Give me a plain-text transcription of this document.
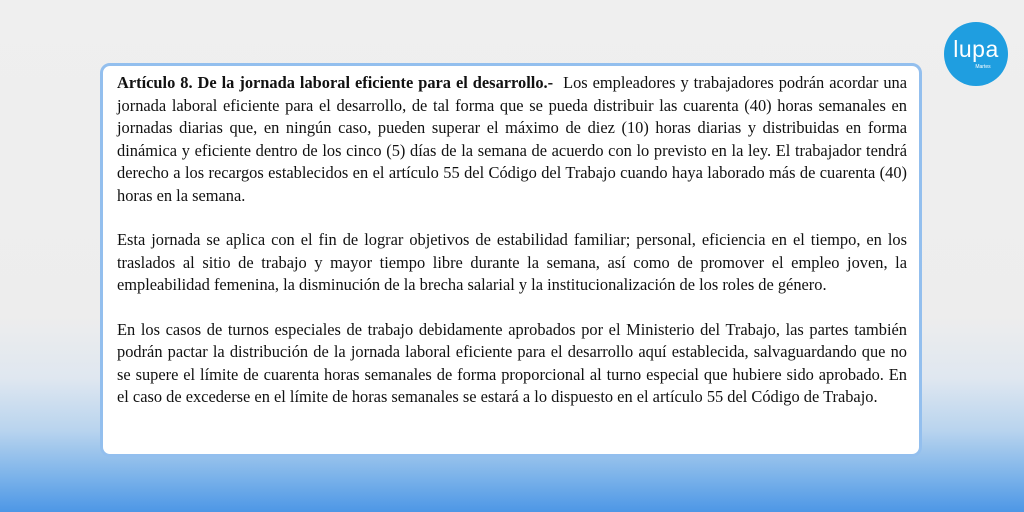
lupa
Martes

Artículo 8. De la jornada laboral eficiente para el desarrollo.- Los empleadores y trabajadores podrán acordar una jornada laboral eficiente para el desarrollo, de tal forma que se pueda distribuir las cuarenta (40) horas semanales en jornadas diarias que, en ningún caso, pueden superar el máximo de diez (10) horas diarias y distribuidas en forma dinámica y eficiente dentro de los cinco (5) días de la semana de acuerdo con lo previsto en la ley. El trabajador tendrá derecho a los recargos establecidos en el artículo 55 del Código del Trabajo cuando haya laborado más de cuarenta (40) horas en la semana.

Esta jornada se aplica con el fin de lograr objetivos de estabilidad familiar; personal, eficiencia en el tiempo, en los traslados al sitio de trabajo y mayor tiempo libre durante la semana, así como de promover el empleo joven, la empleabilidad femenina, la disminución de la brecha salarial y la institucionalización de los roles de género.

En los casos de turnos especiales de trabajo debidamente aprobados por el Ministerio del Trabajo, las partes también podrán pactar la distribución de la jornada laboral eficiente para el desarrollo aquí establecida, salvaguardando que no se supere el límite de cuarenta horas semanales de forma proporcional al turno especial que hubiere sido aprobado. En el caso de excederse en el límite de horas semanales se estará a lo dispuesto en el artículo 55 del Código de Trabajo.
